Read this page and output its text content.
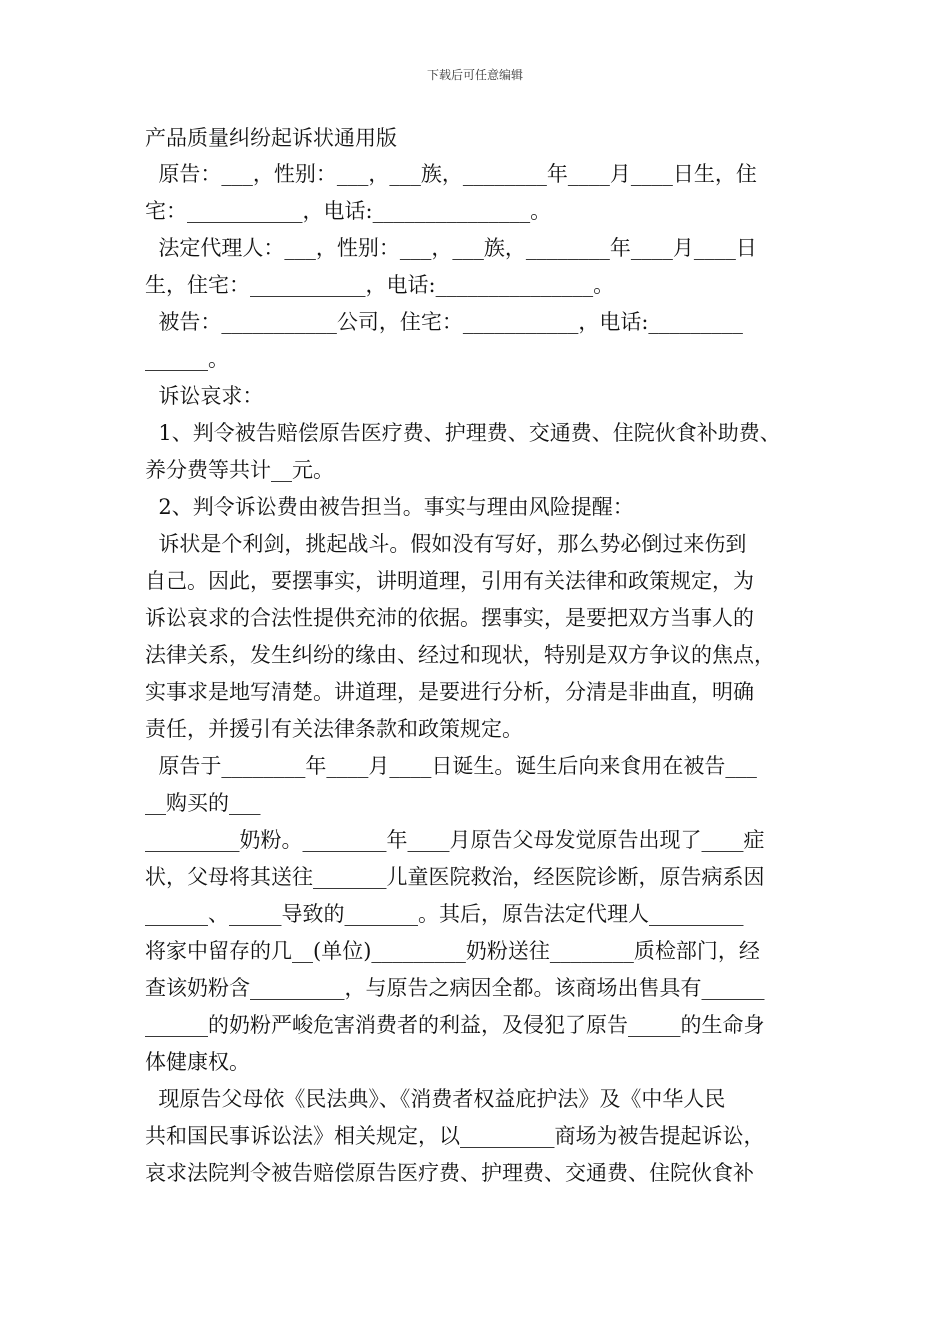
下载后可任意编辑
产品质量纠纷起诉状通用版
原告：___，性别：___，___族，________年____月____日生，住
宅：___________，电话:_______________。
法定代理人：___，性别：___，___族，________年____月____日
生，住宅：___________，电话:_______________。
被告：___________公司，住宅：___________，电话:_________
______。
诉讼哀求：
1、判令被告赔偿原告医疗费、护理费、交通费、住院伙食补助费、
养分费等共计__元。
2、判令诉讼费由被告担当。事实与理由风险提醒：
诉状是个利剑，挑起战斗。假如没有写好，那么势必倒过来伤到
自己。因此，要摆事实，讲明道理，引用有关法律和政策规定，为
诉讼哀求的合法性提供充沛的依据。摆事实，是要把双方当事人的
法律关系，发生纠纷的缘由、经过和现状，特别是双方争议的焦点，
实事求是地写清楚。讲道理，是要进行分析，分清是非曲直，明确
责任，并援引有关法律条款和政策规定。
原告于________年____月____日诞生。诞生后向来食用在被告___
__购买的___
_________奶粉。________年____月原告父母发觉原告出现了____症
状，父母将其送往_______儿童医院救治，经医院诊断，原告病系因
______、_____导致的_______。其后，原告法定代理人_________
将家中留存的几__(单位)_________奶粉送往________质检部门，经
查该奶粉含_________，与原告之病因全都。该商场出售具有______
______的奶粉严峻危害消费者的利益，及侵犯了原告_____的生命身
体健康权。
现原告父母依《民法典》、《消费者权益庇护法》及《中华人民
共和国民事诉讼法》相关规定，以_________商场为被告提起诉讼，
哀求法院判令被告赔偿原告医疗费、护理费、交通费、住院伙食补
